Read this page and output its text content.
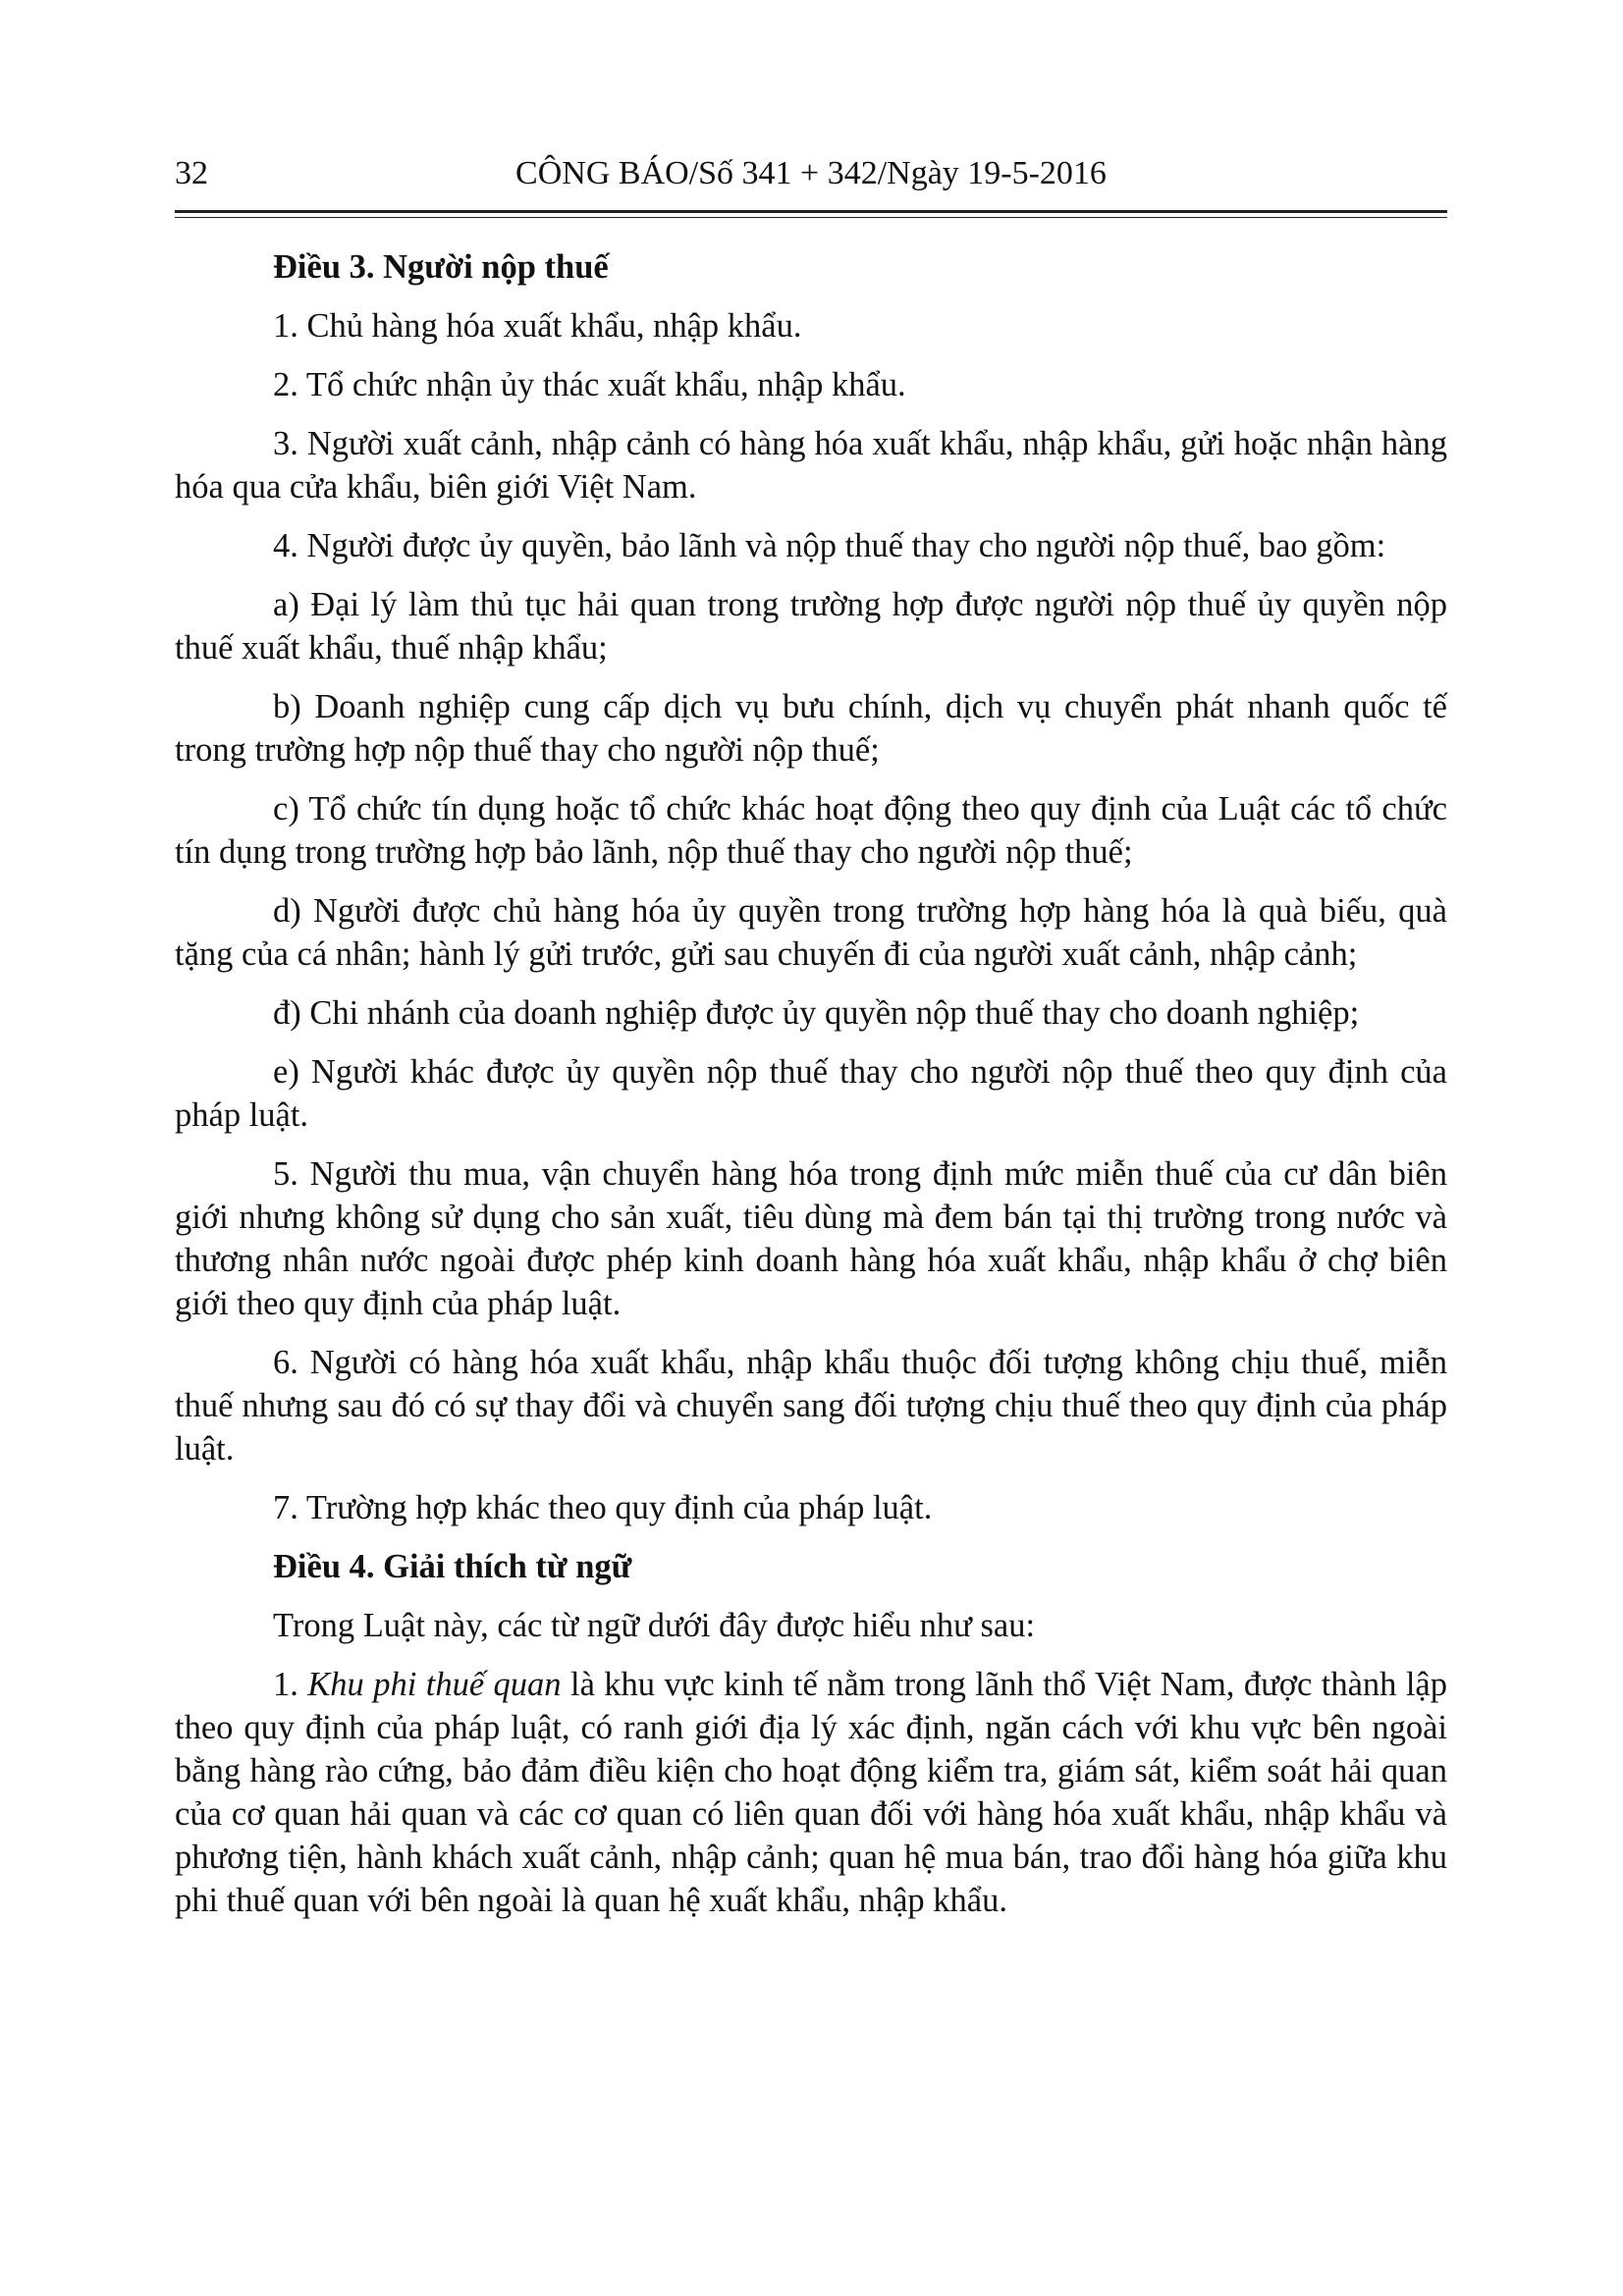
32	CÔNG BÁO/Số 341 + 342/Ngày 19-5-2016
Điều 3. Người nộp thuế

1. Chủ hàng hóa xuất khẩu, nhập khẩu.

2. Tổ chức nhận ủy thác xuất khẩu, nhập khẩu.

3. Người xuất cảnh, nhập cảnh có hàng hóa xuất khẩu, nhập khẩu, gửi hoặc nhận hàng hóa qua cửa khẩu, biên giới Việt Nam.

4. Người được ủy quyền, bảo lãnh và nộp thuế thay cho người nộp thuế, bao gồm:

a) Đại lý làm thủ tục hải quan trong trường hợp được người nộp thuế ủy quyền nộp thuế xuất khẩu, thuế nhập khẩu;

b) Doanh nghiệp cung cấp dịch vụ bưu chính, dịch vụ chuyển phát nhanh quốc tế trong trường hợp nộp thuế thay cho người nộp thuế;

c) Tổ chức tín dụng hoặc tổ chức khác hoạt động theo quy định của Luật các tổ chức tín dụng trong trường hợp bảo lãnh, nộp thuế thay cho người nộp thuế;

d) Người được chủ hàng hóa ủy quyền trong trường hợp hàng hóa là quà biếu, quà tặng của cá nhân; hành lý gửi trước, gửi sau chuyến đi của người xuất cảnh, nhập cảnh;

đ) Chi nhánh của doanh nghiệp được ủy quyền nộp thuế thay cho doanh nghiệp;

e) Người khác được ủy quyền nộp thuế thay cho người nộp thuế theo quy định của pháp luật.

5. Người thu mua, vận chuyển hàng hóa trong định mức miễn thuế của cư dân biên giới nhưng không sử dụng cho sản xuất, tiêu dùng mà đem bán tại thị trường trong nước và thương nhân nước ngoài được phép kinh doanh hàng hóa xuất khẩu, nhập khẩu ở chợ biên giới theo quy định của pháp luật.

6. Người có hàng hóa xuất khẩu, nhập khẩu thuộc đối tượng không chịu thuế, miễn thuế nhưng sau đó có sự thay đổi và chuyển sang đối tượng chịu thuế theo quy định của pháp luật.

7. Trường hợp khác theo quy định của pháp luật.

Điều 4. Giải thích từ ngữ

Trong Luật này, các từ ngữ dưới đây được hiểu như sau:

1. Khu phi thuế quan là khu vực kinh tế nằm trong lãnh thổ Việt Nam, được thành lập theo quy định của pháp luật, có ranh giới địa lý xác định, ngăn cách với khu vực bên ngoài bằng hàng rào cứng, bảo đảm điều kiện cho hoạt động kiểm tra, giám sát, kiểm soát hải quan của cơ quan hải quan và các cơ quan có liên quan đối với hàng hóa xuất khẩu, nhập khẩu và phương tiện, hành khách xuất cảnh, nhập cảnh; quan hệ mua bán, trao đổi hàng hóa giữa khu phi thuế quan với bên ngoài là quan hệ xuất khẩu, nhập khẩu.
